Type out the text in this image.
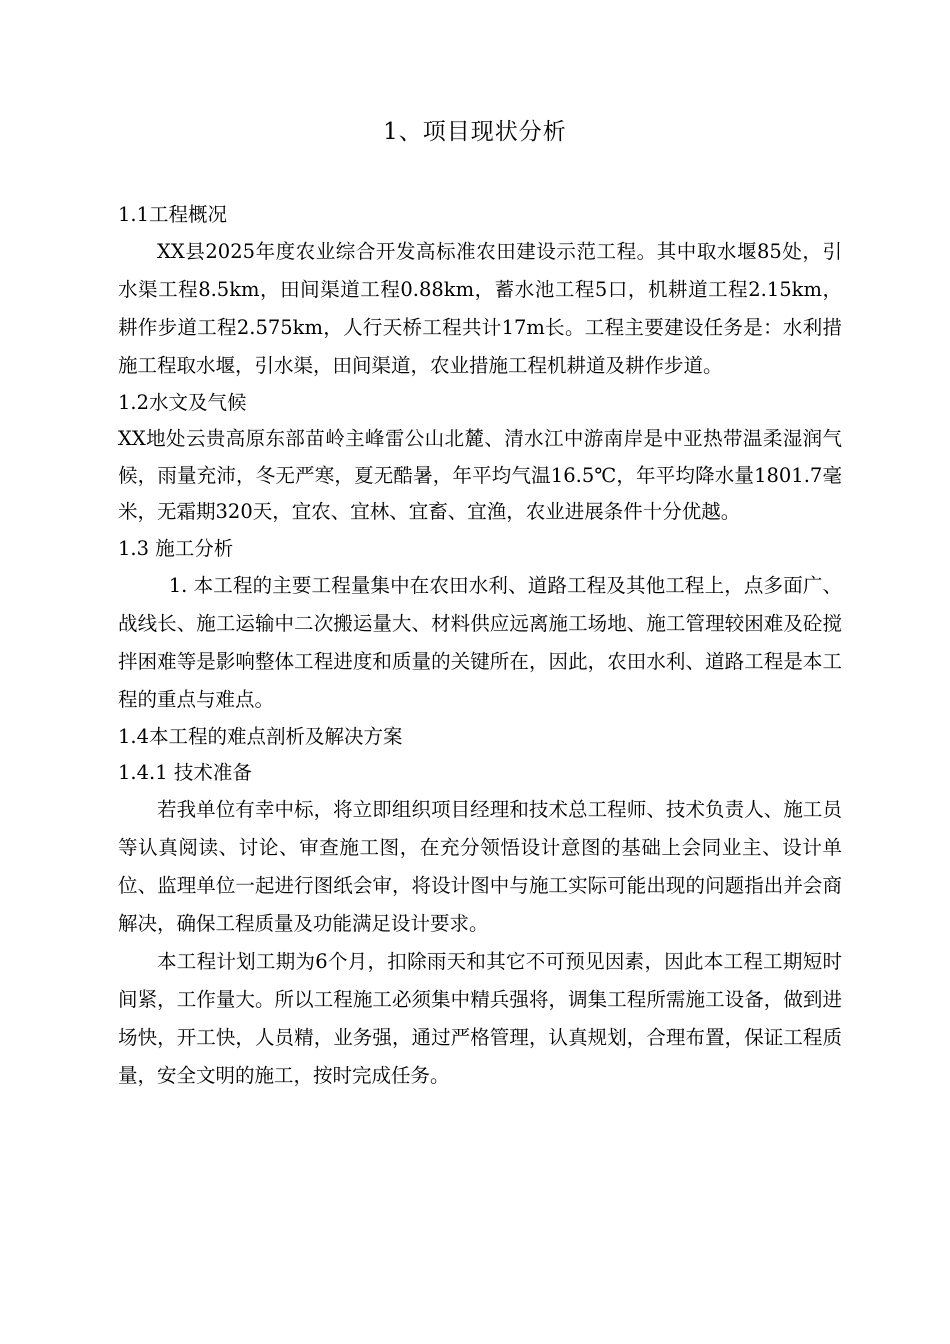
1、项目现状分析

1.1工程概况

XX县2025年度农业综合开发高标准农田建设示范工程。其中取水堰85处，引水渠工程8.5km，田间渠道工程0.88km，蓄水池工程5口，机耕道工程2.15km，耕作步道工程2.575km，人行天桥工程共计17m长。工程主要建设任务是：水利措施工程取水堰，引水渠，田间渠道，农业措施工程机耕道及耕作步道。

1.2水文及气候

XX地处云贵高原东部苗岭主峰雷公山北麓、清水江中游南岸是中亚热带温柔湿润气候，雨量充沛，冬无严寒，夏无酷暑，年平均气温16.5℃，年平均降水量1801.7毫米，无霜期320天，宜农、宜林、宜畜、宜渔，农业进展条件十分优越。

1.3 施工分析

1. 本工程的主要工程量集中在农田水利、道路工程及其他工程上，点多面广、战线长、施工运输中二次搬运量大、材料供应远离施工场地、施工管理较困难及砼搅拌困难等是影响整体工程进度和质量的关键所在，因此，农田水利、道路工程是本工程的重点与难点。

1.4本工程的难点剖析及解决方案

1.4.1 技术准备

若我单位有幸中标，将立即组织项目经理和技术总工程师、技术负责人、施工员等认真阅读、讨论、审查施工图，在充分领悟设计意图的基础上会同业主、设计单位、监理单位一起进行图纸会审，将设计图中与施工实际可能出现的问题指出并会商解决，确保工程质量及功能满足设计要求。

本工程计划工期为6个月，扣除雨天和其它不可预见因素，因此本工程工期短时间紧，工作量大。所以工程施工必须集中精兵强将，调集工程所需施工设备，做到进场快，开工快，人员精，业务强，通过严格管理，认真规划，合理布置，保证工程质量，安全文明的施工，按时完成任务。
